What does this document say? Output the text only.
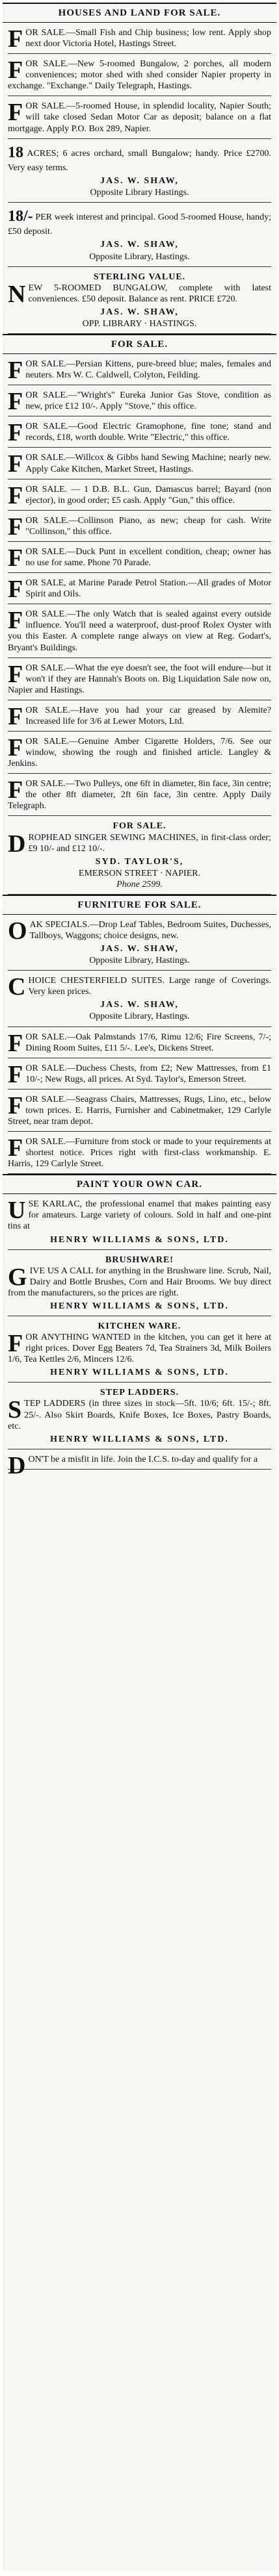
HOUSES AND LAND FOR SALE.

FOR SALE.—Small Fish and Chip business; low rent. Apply shop next door Victoria Hotel, Hastings Street.

FOR SALE.—New 5-roomed Bungalow, 2 porches, all modern conveniences; motor shed with shed consider Napier property in exchange. "Exchange." Daily Telegraph, Hastings.

FOR SALE.—5-roomed House, in splendid locality, Napier South; will take closed Sedan Motor Car as deposit; balance on a flat mortgage. Apply P.O. Box 289, Napier.

18 ACRES; 6 acres orchard, small Bungalow; handy. Price £2700. Very easy terms.

JAS. W. SHAW,
Opposite Library Hastings.

18/- PER week interest and principal. Good 5-roomed House, handy; £50 deposit.

JAS. W. SHAW,
Opposite Library, Hastings.
STERLING VALUE.

NEW 5-ROOMED BUNGALOW, complete with latest conveniences. £50 deposit. Balance as rent. PRICE £720.

JAS. W. SHAW,
OPP. LIBRARY · HASTINGS.
FOR SALE.

FOR SALE.—Persian Kittens, pure-breed blue; males, females and neuters. Mrs W. C. Caldwell, Colyton, Feilding.

FOR SALE.—"Wright's" Eureka Junior Gas Stove, condition as new, price £12 10/-. Apply "Stove," this office.

FOR SALE.—Good Electric Gramophone, fine tone; stand and records, £18, worth double. Write "Electric," this office.

FOR SALE.—Willcox & Gibbs hand Sewing Machine; nearly new. Apply Cake Kitchen, Market Street, Hastings.

FOR SALE. — 1 D.B. B.L. Gun, Damascus barrel; Bayard (non ejector), in good order; £5 cash. Apply "Gun," this office.

FOR SALE.—Collinson Piano, as new; cheap for cash. Write "Collinson," this office.

FOR SALE.—Duck Punt in excellent condition, cheap; owner has no use for same. Phone 70 Parade.

FOR SALE, at Marine Parade Petrol Station.—All grades of Motor Spirit and Oils.

FOR SALE.—The only Watch that is sealed against every outside influence. You'll need a waterproof, dust-proof Rolex Oyster with you this Easter. A complete range always on view at Reg. Godart's, Bryant's Buildings.

FOR SALE.—What the eye doesn't see, the foot will endure—but it won't if they are Hannah's Boots on. Big Liquidation Sale now on, Napier and Hastings.

FOR SALE.—Have you had your car greased by Alemite? Increased life for 3/6 at Lewer Motors, Ltd.

FOR SALE.—Genuine Amber Cigarette Holders, 7/6. See our window, showing the rough and finished article. Langley & Jenkins.

FOR SALE.—Two Pulleys, one 6ft in diameter, 8in face, 3in centre; the other 8ft diameter, 2ft 6in face, 3in centre. Apply Daily Telegraph.

FOR SALE.

DROPHEAD SINGER SEWING MACHINES, in first-class order; £9 10/- and £12 10/-.

SYD. TAYLOR'S,
EMERSON STREET · NAPIER.
Phone 2599.
FURNITURE FOR SALE.

OAK SPECIALS.—Drop Leaf Tables, Bedroom Suites, Duchesses, Tallboys, Waggons; choice designs, new.

JAS. W. SHAW,
Opposite Library, Hastings.

CHOICE CHESTERFIELD SUITES. Large range of Coverings. Very keen prices.

JAS. W. SHAW,
Opposite Library, Hastings.

FOR SALE.—Oak Palmstands 17/6, Rimu 12/6; Fire Screens, 7/-; Dining Room Suites, £11 5/-. Lee's, Dickens Street.

FOR SALE.—Duchess Chests, from £2; New Mattresses, from £1 10/-; New Rugs, all prices. At Syd. Taylor's, Emerson Street.

FOR SALE.—Seagrass Chairs, Mattresses, Rugs, Lino, etc., below town prices. E. Harris, Furnisher and Cabinetmaker, 129 Carlyle Street, near tram depot.

FOR SALE.—Furniture from stock or made to your requirements at shortest notice. Prices right with first-class workmanship. E. Harris, 129 Carlyle Street.

PAINT YOUR OWN CAR.

USE KARLAC, the professional enamel that makes painting easy for amateurs. Large variety of colours. Sold in half and one-pint tins at

HENRY WILLIAMS & SONS, LTD.
BRUSHWARE!

GIVE US A CALL for anything in the Brushware line. Scrub, Nail, Dairy and Bottle Brushes, Corn and Hair Brooms. We buy direct from the manufacturers, so the prices are right.

HENRY WILLIAMS & SONS, LTD.
KITCHEN WARE.

FOR ANYTHING WANTED in the kitchen, you can get it here at right prices. Dover Egg Beaters 7d, Tea Strainers 3d, Milk Boilers 1/6, Tea Kettles 2/6, Mincers 12/6.

HENRY WILLIAMS & SONS, LTD.
STEP LADDERS.

STEP LADDERS (in three sizes in stock—5ft. 10/6; 6ft. 15/-; 8ft. 25/-. Also Skirt Boards, Knife Boxes, Ice Boxes, Pastry Boards, etc.

HENRY WILLIAMS & SONS, LTD.

DON'T be a misfit in life. Join the I.C.S. to-day and qualify for a
